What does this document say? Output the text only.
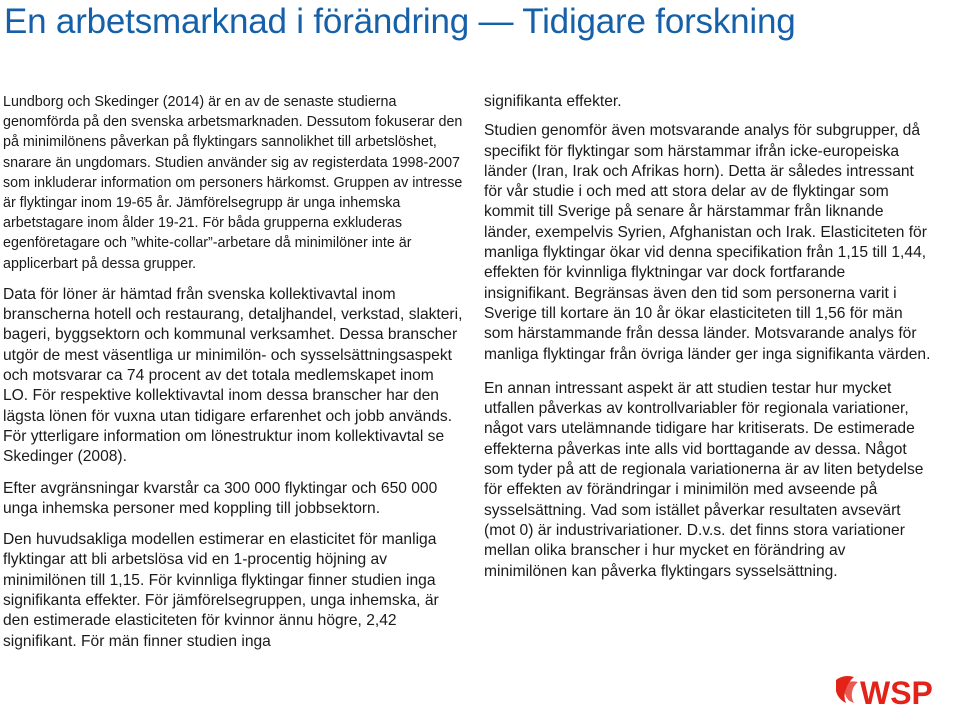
En arbetsmarknad i förändring — Tidigare forskning

Lundborg och Skedinger (2014) är en av de senaste studierna genomförda på den svenska arbetsmarknaden. Dessutom fokuserar den på minimilönens påverkan på flyktingars sannolikhet till arbetslöshet, snarare än ungdomars. Studien använder sig av registerdata 1998-2007 som inkluderar information om personers härkomst. Gruppen av intresse är flyktingar inom 19-65 år. Jämförelsegrupp är unga inhemska arbetstagare inom ålder 19-21. För båda grupperna exkluderas egenföretagare och ”white-collar”-arbetare då minimilöner inte är applicerbart på dessa grupper.

Data för löner är hämtad från svenska kollektivavtal inom branscherna hotell och restaurang, detaljhandel, verkstad, slakteri, bageri, byggsektorn och kommunal verksamhet. Dessa branscher utgör de mest väsentliga ur minimilön- och sysselsättningsaspekt och motsvarar ca 74 procent av det totala medlemskapet inom LO. För respektive kollektivavtal inom dessa branscher har den lägsta lönen för vuxna utan tidigare erfarenhet och jobb används. För ytterligare information om lönestruktur inom kollektivavtal se Skedinger (2008).

Efter avgränsningar kvarstår ca 300 000 flyktingar och 650 000 unga inhemska personer med koppling till jobbsektorn.

Den huvudsakliga modellen estimerar en elasticitet för manliga flyktingar att bli arbetslösa vid en 1-procentig höjning av minimilönen till 1,15. För kvinnliga flyktingar finner studien inga signifikanta effekter. För jämförelsegruppen, unga inhemska, är den estimerade elasticiteten för kvinnor ännu högre, 2,42 signifikant. För män finner studien inga

signifikanta effekter.

Studien genomför även motsvarande analys för subgrupper, då specifikt för flyktingar som härstammar ifrån icke-europeiska länder (Iran, Irak och Afrikas horn). Detta är således intressant för vår studie i och med att stora delar av de flyktingar som kommit till Sverige på senare år härstammar från liknande länder, exempelvis Syrien, Afghanistan och Irak. Elasticiteten för manliga flyktingar ökar vid denna specifikation från 1,15 till 1,44, effekten för kvinnliga flyktningar var dock fortfarande insignifikant. Begränsas även den tid som personerna varit i Sverige till kortare än 10 år ökar elasticiteten till 1,56 för män som härstammande från dessa länder. Motsvarande analys för manliga flyktingar från övriga länder ger inga signifikanta värden.

En annan intressant aspekt är att studien testar hur mycket utfallen påverkas av kontrollvariabler för regionala variationer, något vars utelämnande tidigare har kritiserats. De estimerade effekterna påverkas inte alls vid borttagande av dessa. Något som tyder på att de regionala variationerna är av liten betydelse för effekten av förändringar i minimilön med avseende på sysselsättning. Vad som istället påverkar resultaten avsevärt (mot 0) är industrivariationer. D.v.s. det finns stora variationer mellan olika branscher i hur mycket en förändring av minimilönen kan påverka flyktingars sysselsättning.

WSP
